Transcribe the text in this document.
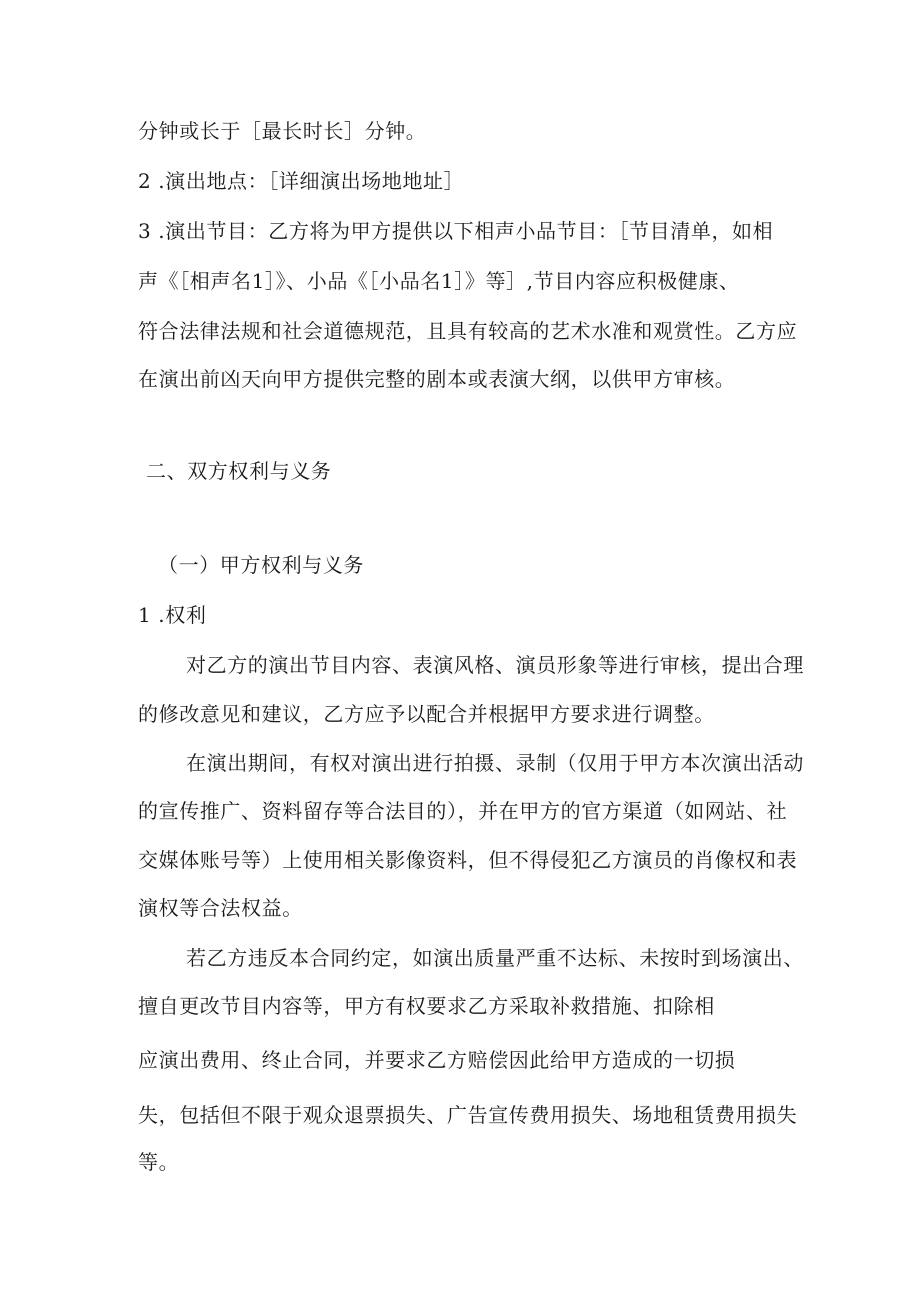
分钟或长于［最长时长］分钟。
2 .演出地点：［详细演出场地地址］
3 .演出节目：乙方将为甲方提供以下相声小品节目：［节目清单，如相
声《［相声名1］》、小品《［小品名1］》等］,节目内容应积极健康、
符合法律法规和社会道德规范，且具有较高的艺术水准和观赏性。乙方应
在演出前凶天向甲方提供完整的剧本或表演大纲，以供甲方审核。
二、双方权利与义务
（一）甲方权利与义务
1 .权利
对乙方的演出节目内容、表演风格、演员形象等进行审核，提出合理
的修改意见和建议，乙方应予以配合并根据甲方要求进行调整。
在演出期间，有权对演出进行拍摄、录制（仅用于甲方本次演出活动
的宣传推广、资料留存等合法目的），并在甲方的官方渠道（如网站、社
交媒体账号等）上使用相关影像资料，但不得侵犯乙方演员的肖像权和表
演权等合法权益。
若乙方违反本合同约定，如演出质量严重不达标、未按时到场演出、
擅自更改节目内容等，甲方有权要求乙方采取补救措施、扣除相
应演出费用、终止合同，并要求乙方赔偿因此给甲方造成的一切损
失，包括但不限于观众退票损失、广告宣传费用损失、场地租赁费用损失
等。
